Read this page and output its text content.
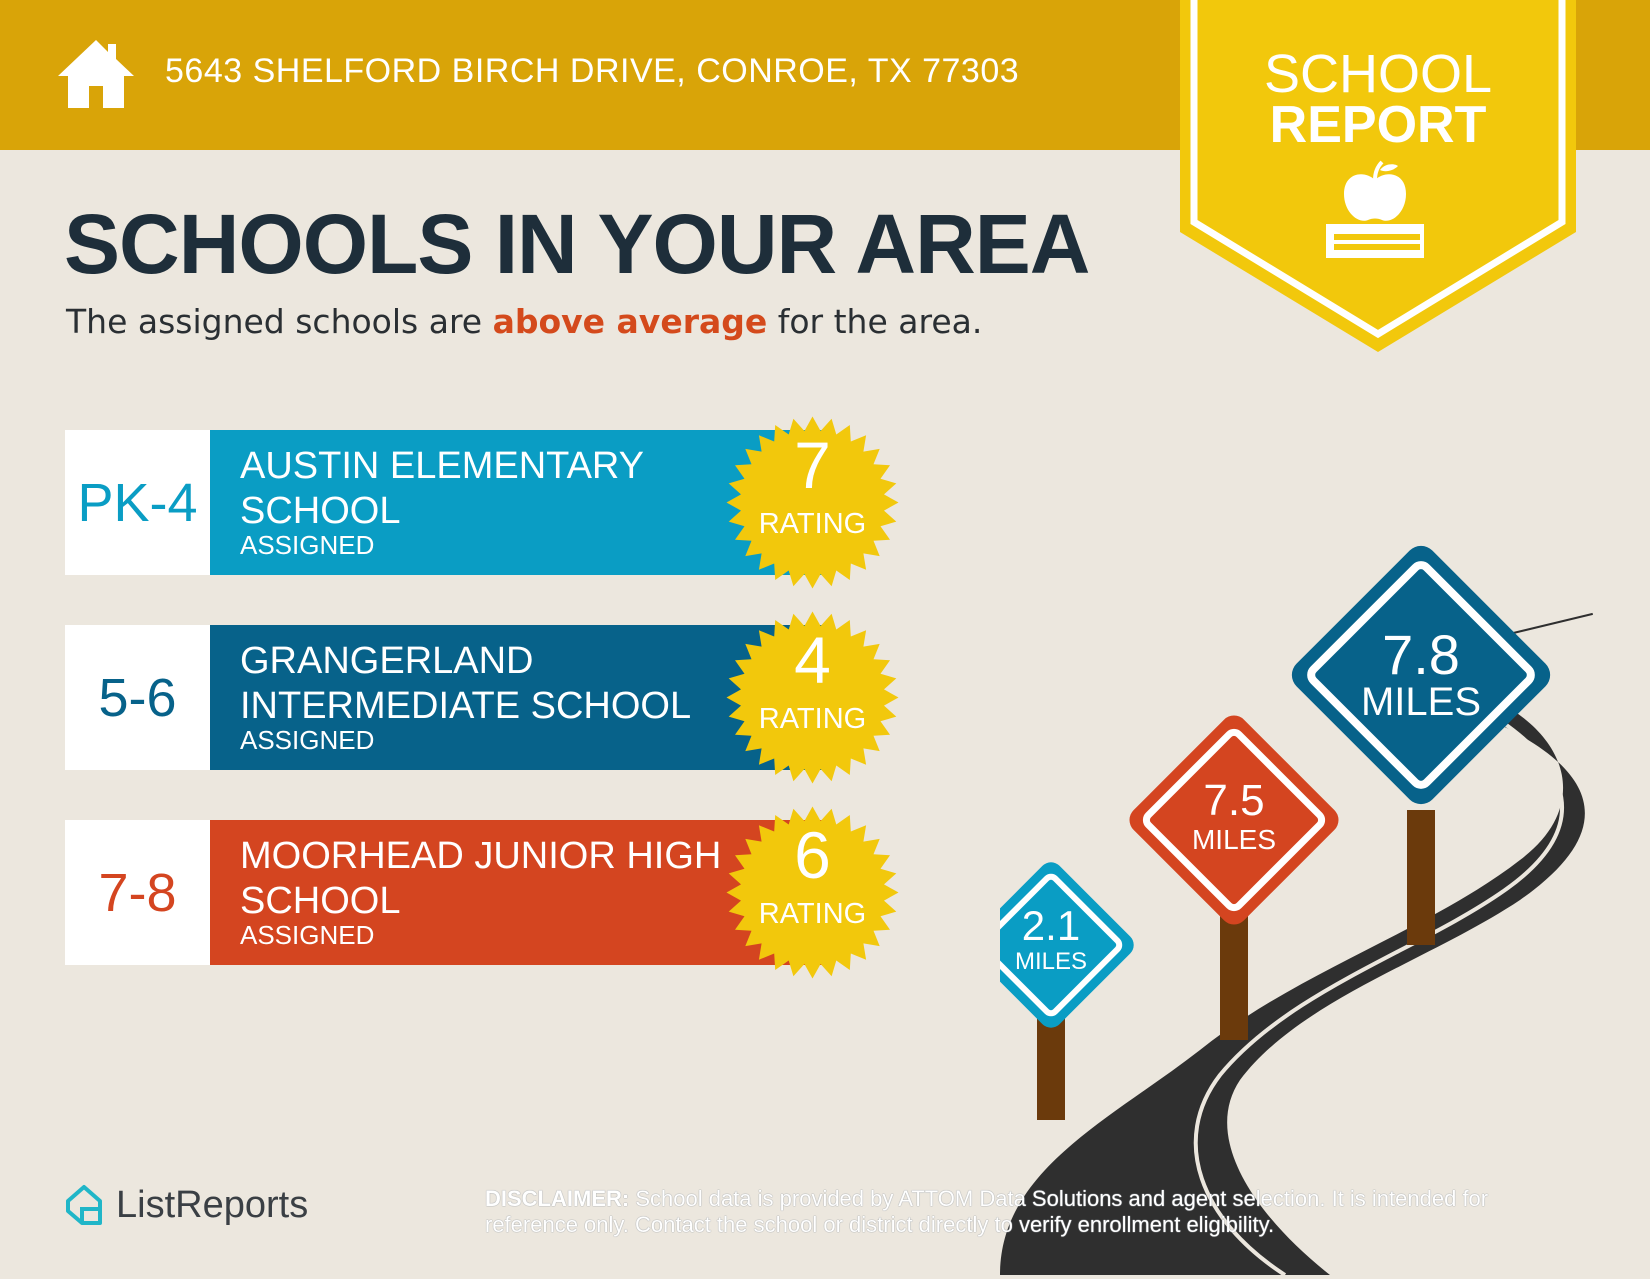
5643 SHELFORD BIRCH DRIVE, CONROE, TX 77303	SCHOOL
REPORT
SCHOOLS IN YOUR AREA
The assigned schools are above average for the area.
PK-4
AUSTIN ELEMENTARY SCHOOL
ASSIGNED
7
RATING
5-6
GRANGERLAND INTERMEDIATE SCHOOL
ASSIGNED
4
RATING
7-8
MOORHEAD JUNIOR HIGH SCHOOL
ASSIGNED
6
RATING	2.1
MILES
7.5
MILES
7.8
MILES
ListReports	DISCLAIMER: School data is provided by ATTOM Data Solutions and agent selection. It is intended for reference only. Contact the school or district directly to verify enrollment eligibility.
